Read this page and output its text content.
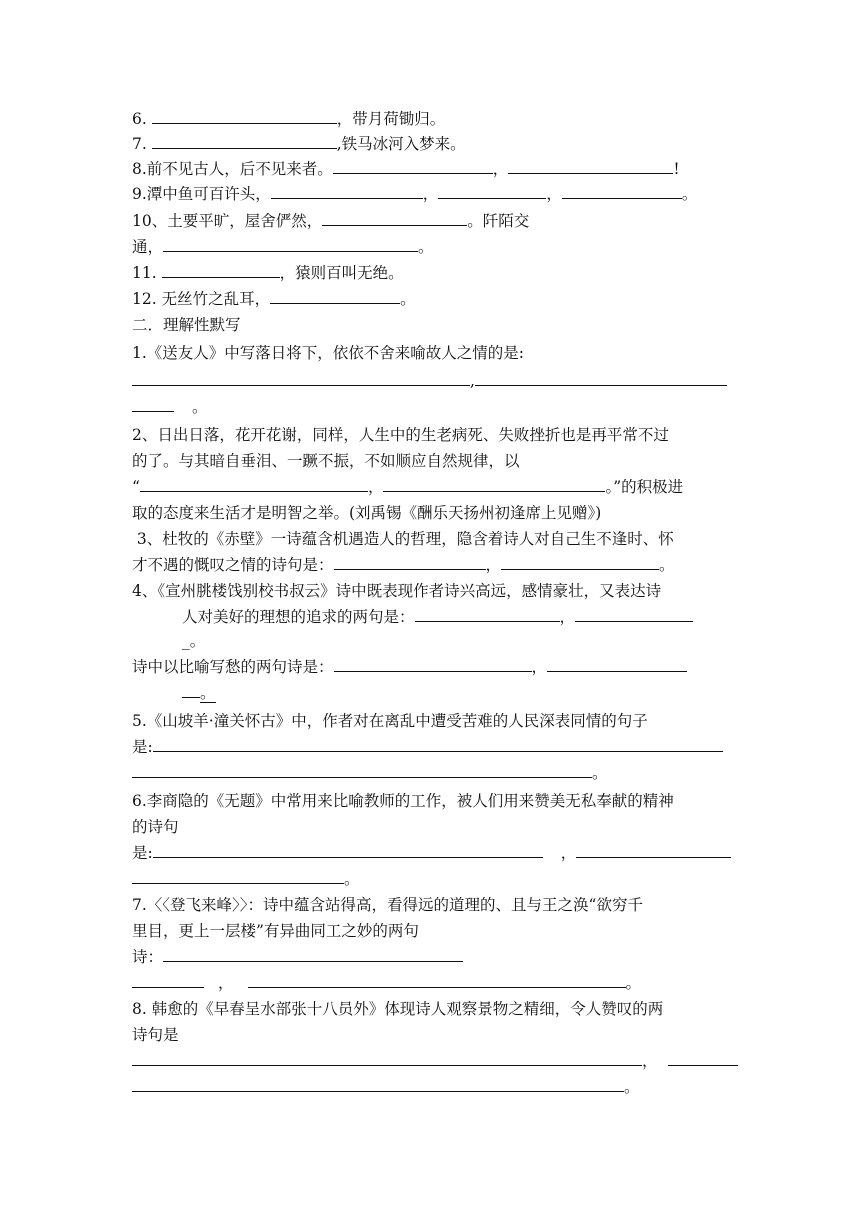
6.	，带月荷锄归。
7.	,铁马冰河入梦来。
8.前不见古人，后不见来者。	，	!
9.潭中鱼可百许头，	，	，	。
10、土要平旷，屋舍俨然，	。阡陌交
通，	。
11.	，猿则百叫无绝。
12. 无丝竹之乱耳，	。
二．理解性默写
1.《送友人》中写落日将下，依依不舍来喻故人之情的是:
,
。
2、日出日落，花开花谢，同样，人生中的生老病死、失败挫折也是再平常不过
的了。与其暗自垂泪、一蹶不振，不如顺应自然规律，以
“	，	。”的积极进
取的态度来生活才是明智之举。(刘禹锡《酬乐天扬州初逢席上见赠》)
3、杜牧的《赤壁》一诗蕴含机遇造人的哲理，隐含着诗人对自己生不逢时、怀
才不遇的慨叹之情的诗句是：	，	。
4、《宣州朓楼饯别校书叔云》诗中既表现作者诗兴高远，感情豪壮，又表达诗
人对美好的理想的追求的两句是：	，
_。
诗中以比喻写愁的两句诗是：	，
。
5.《山坡羊·潼关怀古》中，作者对在离乱中遭受苦难的人民深表同情的句子
是:
。
6.李商隐的《无题》中常用来比喻教师的工作，被人们用来赞美无私奉献的精神
的诗句
是:	，
。
7.〈〈登飞来峰〉〉：诗中蕴含站得高，看得远的道理的、且与王之涣“欲穷千
里目，更上一层楼”有异曲同工之妙的两句
诗：
，	。
8. 韩愈的《早春呈水部张十八员外》体现诗人观察景物之精细，令人赞叹的两
诗句是
，
。
